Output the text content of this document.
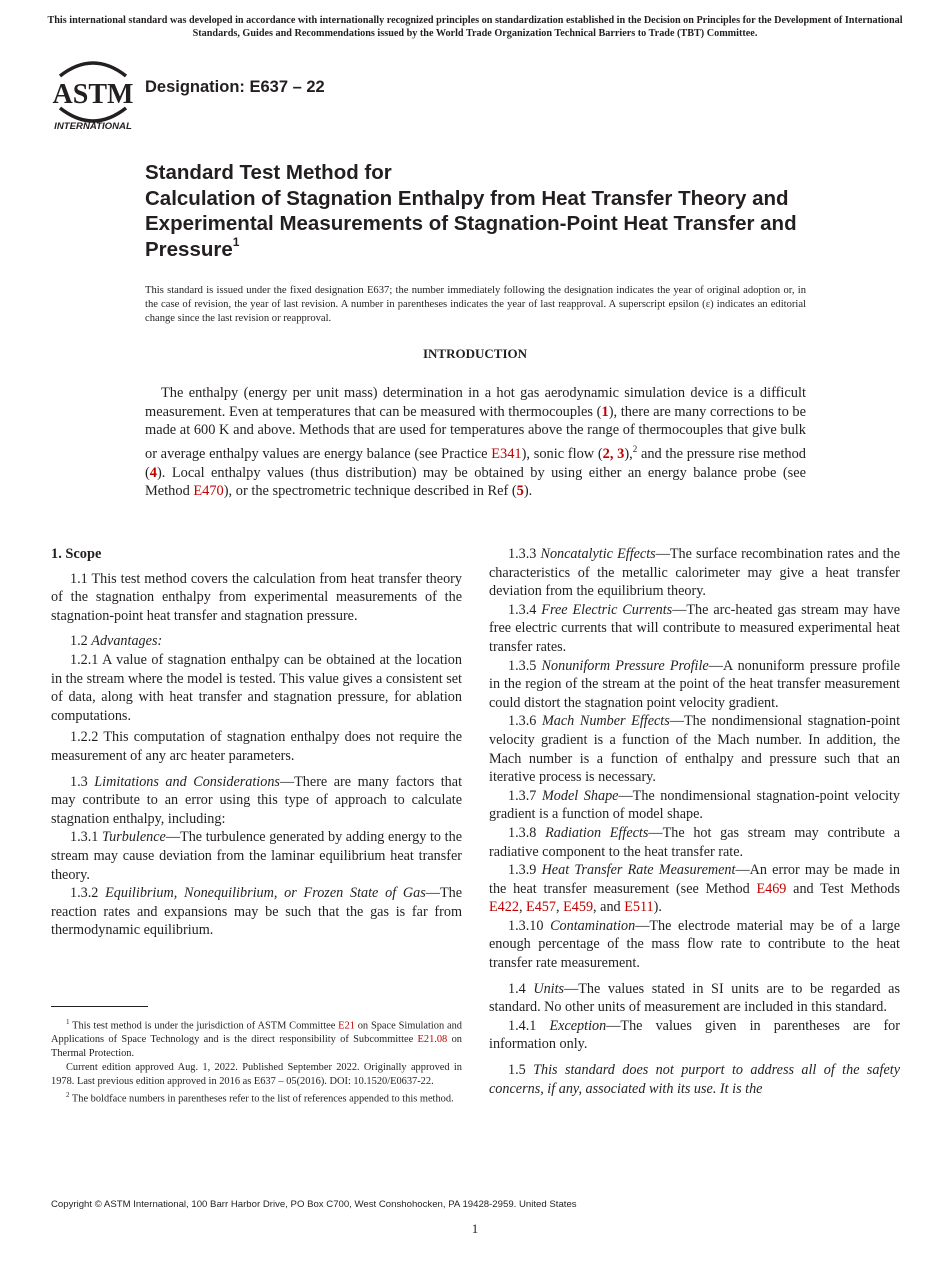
This international standard was developed in accordance with internationally recognized principles on standardization established in the Decision on Principles for the Development of International Standards, Guides and Recommendations issued by the World Trade Organization Technical Barriers to Trade (TBT) Committee.
ASTM
INTERNATIONAL
Designation: E637 – 22
Standard Test Method for
Calculation of Stagnation Enthalpy from Heat Transfer Theory and Experimental Measurements of Stagnation-Point Heat Transfer and Pressure$^1$
This standard is issued under the fixed designation E637; the number immediately following the designation indicates the year of original adoption or, in the case of revision, the year of last revision. A number in parentheses indicates the year of last reapproval. A superscript epsilon (ε) indicates an editorial change since the last revision or reapproval.
INTRODUCTION

The enthalpy (energy per unit mass) determination in a hot gas aerodynamic simulation device is a difficult measurement. Even at temperatures that can be measured with thermocouples (1), there are many corrections to be made at 600 K and above. Methods that are used for temperatures above the range of thermocouples that give bulk or average enthalpy values are energy balance (see Practice E341), sonic flow (2, 3),$^2$ and the pressure rise method (4). Local enthalpy values (thus distribution) may be obtained by using either an energy balance probe (see Method E470), or the spectrometric technique described in Ref (5).

1. Scope

1.1 This test method covers the calculation from heat transfer theory of the stagnation enthalpy from experimental measurements of the stagnation-point heat transfer and stagnation pressure.

1.2 Advantages:

1.2.1 A value of stagnation enthalpy can be obtained at the location in the stream where the model is tested. This value gives a consistent set of data, along with heat transfer and stagnation pressure, for ablation computations.

1.2.2 This computation of stagnation enthalpy does not require the measurement of any arc heater parameters.

1.3 Limitations and Considerations—There are many factors that may contribute to an error using this type of approach to calculate stagnation enthalpy, including:

1.3.1 Turbulence—The turbulence generated by adding energy to the stream may cause deviation from the laminar equilibrium heat transfer theory.

1.3.2 Equilibrium, Nonequilibrium, or Frozen State of Gas—The reaction rates and expansions may be such that the gas is far from thermodynamic equilibrium.

1.3.3 Noncatalytic Effects—The surface recombination rates and the characteristics of the metallic calorimeter may give a heat transfer deviation from the equilibrium theory.

1.3.4 Free Electric Currents—The arc-heated gas stream may have free electric currents that will contribute to measured experimental heat transfer rates.

1.3.5 Nonuniform Pressure Profile—A nonuniform pressure profile in the region of the stream at the point of the heat transfer measurement could distort the stagnation point velocity gradient.

1.3.6 Mach Number Effects—The nondimensional stagnation-point velocity gradient is a function of the Mach number. In addition, the Mach number is a function of enthalpy and pressure such that an iterative process is necessary.

1.3.7 Model Shape—The nondimensional stagnation-point velocity gradient is a function of model shape.

1.3.8 Radiation Effects—The hot gas stream may contribute a radiative component to the heat transfer rate.

1.3.9 Heat Transfer Rate Measurement—An error may be made in the heat transfer measurement (see Method E469 and Test Methods E422, E457, E459, and E511).

1.3.10 Contamination—The electrode material may be of a large enough percentage of the mass flow rate to contribute to the heat transfer rate measurement.

1.4 Units—The values stated in SI units are to be regarded as standard. No other units of measurement are included in this standard.

1.4.1 Exception—The values given in parentheses are for information only.

1.5 This standard does not purport to address all of the safety concerns, if any, associated with its use. It is the

$^1$ This test method is under the jurisdiction of ASTM Committee E21 on Space Simulation and Applications of Space Technology and is the direct responsibility of Subcommittee E21.08 on Thermal Protection.

Current edition approved Aug. 1, 2022. Published September 2022. Originally approved in 1978. Last previous edition approved in 2016 as E637 – 05(2016). DOI: 10.1520/E0637-22.

$^2$ The boldface numbers in parentheses refer to the list of references appended to this method.

Copyright © ASTM International, 100 Barr Harbor Drive, PO Box C700, West Conshohocken, PA 19428-2959. United States
1
